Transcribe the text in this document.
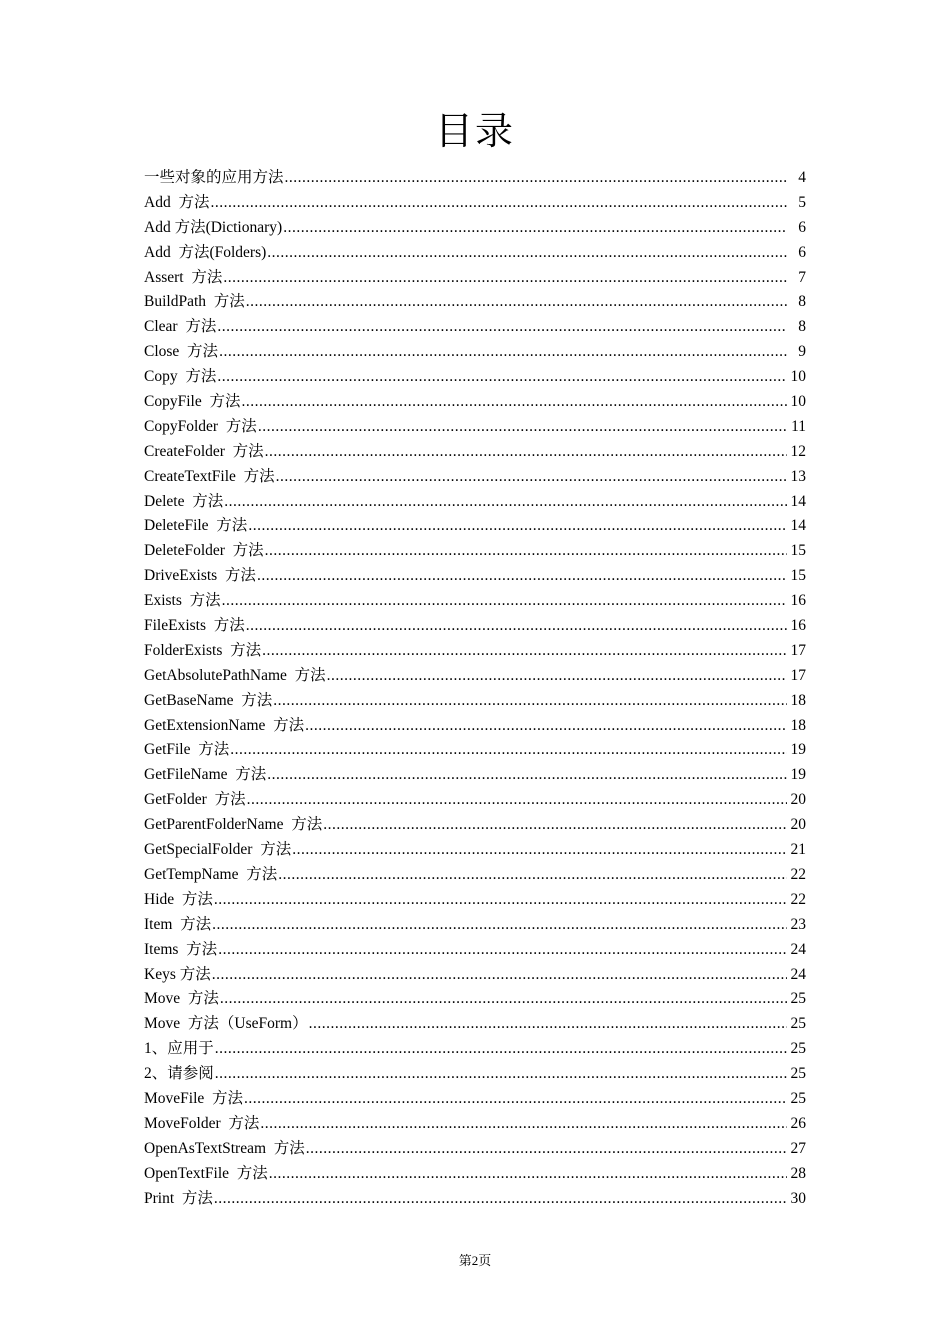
目录
一些对象的应用方法 .....	4
Add  方法 .....	5
Add 方法(Dictionary) .....	6
Add  方法(Folders) .....	6
Assert  方法 .....	7
BuildPath  方法 .....	8
Clear  方法 .....	8
Close  方法 .....	9
Copy  方法 .....	10
CopyFile  方法 .....	10
CopyFolder  方法 .....	11
CreateFolder  方法 .....	12
CreateTextFile  方法 .....	13
Delete  方法 .....	14
DeleteFile  方法 .....	14
DeleteFolder  方法 .....	15
DriveExists  方法 .....	15
Exists  方法 .....	16
FileExists  方法 .....	16
FolderExists  方法 .....	17
GetAbsolutePathName  方法 .....	17
GetBaseName  方法 .....	18
GetExtensionName  方法 .....	18
GetFile  方法 .....	19
GetFileName  方法 .....	19
GetFolder  方法 .....	20
GetParentFolderName  方法 .....	20
GetSpecialFolder  方法 .....	21
GetTempName  方法 .....	22
Hide  方法 .....	22
Item  方法 .....	23
Items  方法 .....	24
Keys 方法 .....	24
Move  方法 .....	25
Move  方法（UseForm） .....	25
1、应用于 .....	25
2、请参阅 .....	25
MoveFile  方法 .....	25
MoveFolder  方法 .....	26
OpenAsTextStream  方法 .....	27
OpenTextFile  方法 .....	28
Print  方法 .....	30
第2页
